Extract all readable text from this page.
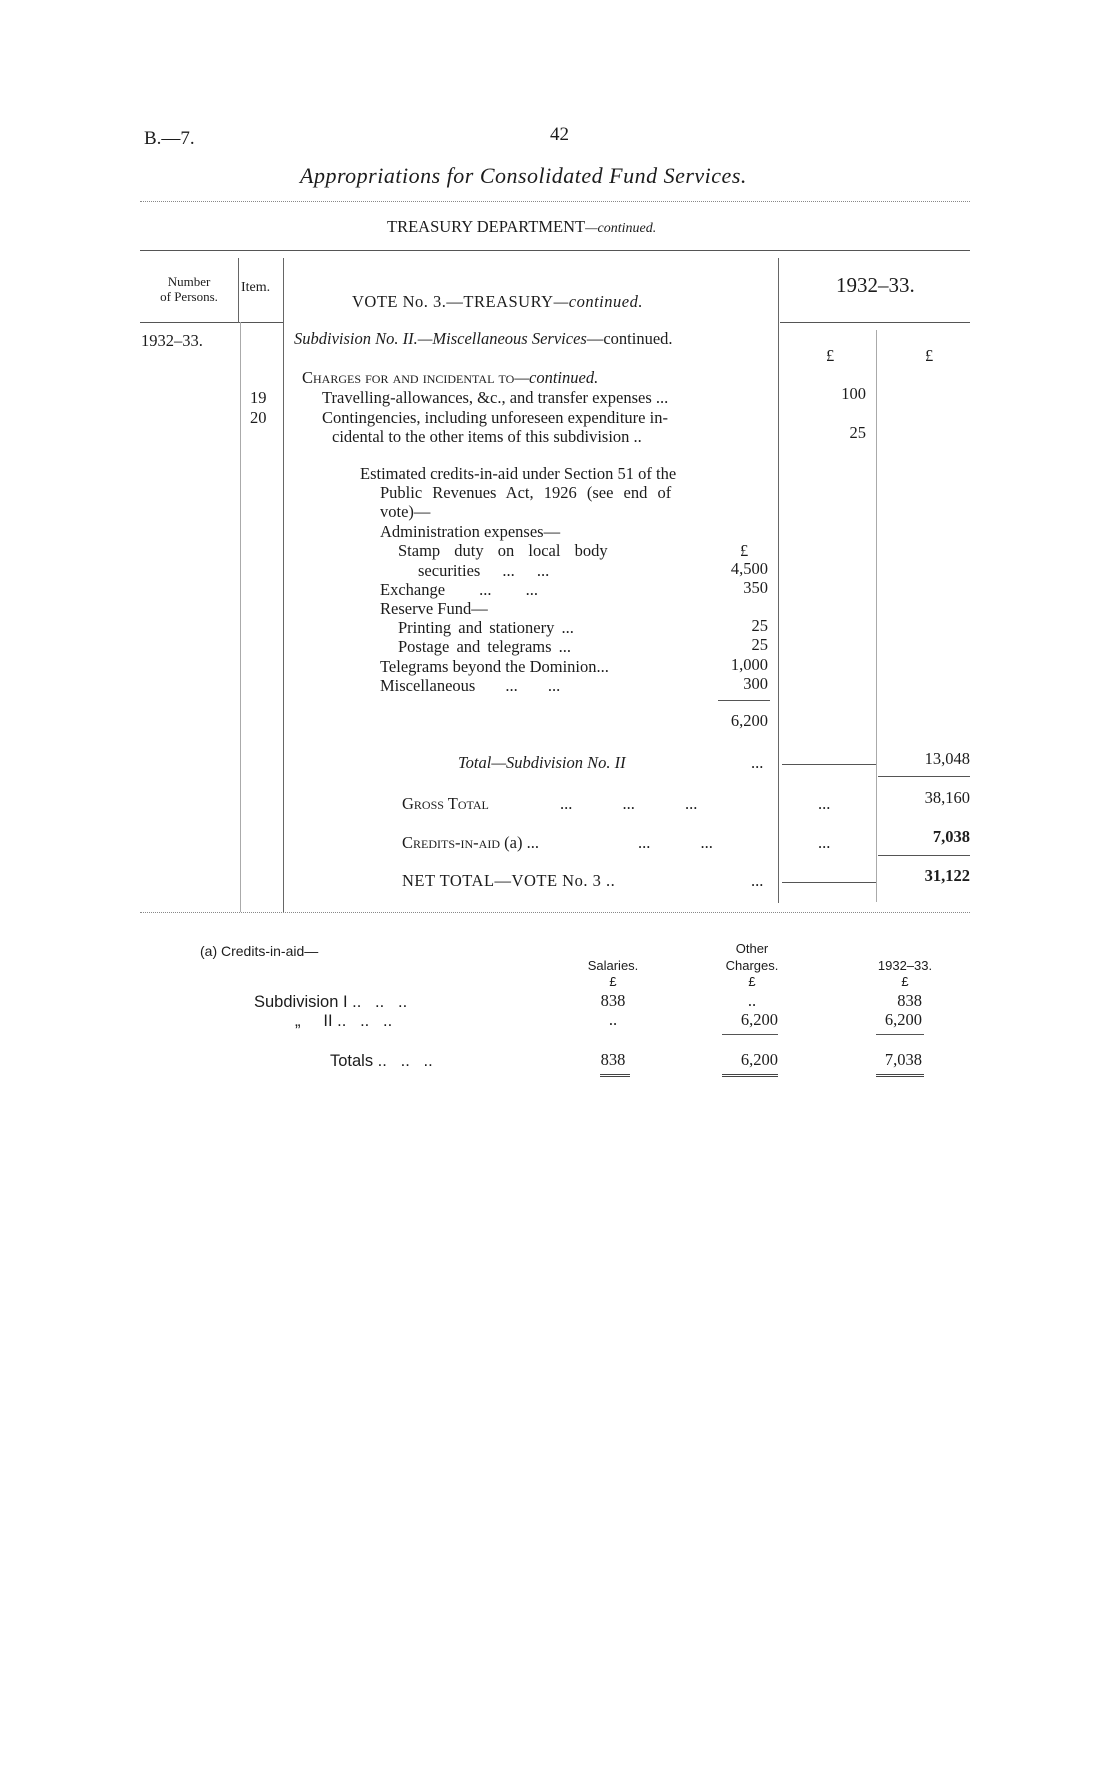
B.—7.	42
Appropriations for Consolidated Fund Services.
TREASURY DEPARTMENT—continued.
Number
of Persons.
Item.
VOTE No. 3.—TREASURY—continued.
1932–33.
1932–33.
£	£
Subdivision No. II.—Miscellaneous Services—continued.
Charges for and incidental to—continued.
19	Travelling-allowances, &c., and transfer expenses ...	100
20	Contingencies, including unforeseen expenditure in-
cidental to the other items of this subdivision ..	25
Estimated credits-in-aid under Section 51 of the
Public Revenues Act, 1926 (see end of
vote)—
Administration expenses—
Stamp duty on local body	£
securities ... ...	4,500
Exchange ... ...	350
Reserve Fund—
Printing and stationery ...	25
Postage and telegrams ...	25
Telegrams beyond the Dominion...	1,000
Miscellaneous ... ...	300
6,200
Total—Subdivision No. II	...	13,048
Gross Total	... ... ...	...	38,160
Credits-in-aid (a) ...	... ...	...	7,038
NET TOTAL—VOTE No. 3 ..	...	31,122
(a) Credits-in-aid—
Salaries.
Other
Charges.	1932–33.
£	£	£
Subdivision I ..   ..   ..	838	..	838
„     II ..   ..   ..	..	6,200	6,200
Totals ..   ..   ..	838	6,200	7,038
